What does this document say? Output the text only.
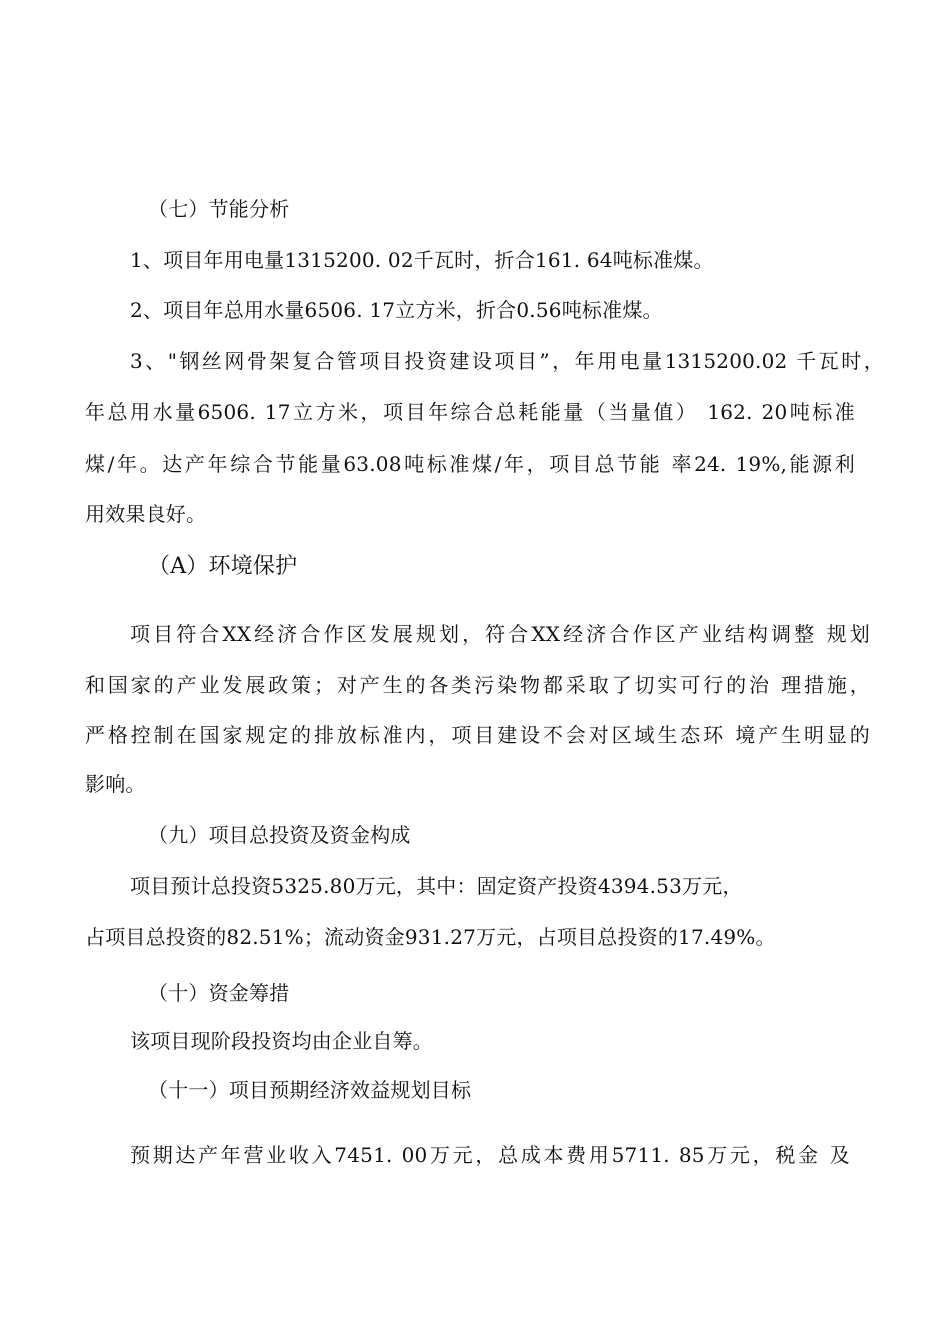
（七）节能分析
1、项目年用电量1315200. 02千瓦时，折合161. 64吨标准煤。
2、项目年总用水量6506. 17立方米，折合0.56吨标准煤。
3、"钢丝网骨架复合管项目投资建设项目”，年用电量1315200.02 千瓦时，
年总用水量6506. 17立方米，项目年综合总耗能量（当量值） 162. 20吨标准
煤/年。达产年综合节能量63.08吨标准煤/年，项目总节能 率24. 19%,能源利
用效果良好。
（A）环境保护
项目符合XX经济合作区发展规划，符合XX经济合作区产业结构调整 规划
和国家的产业发展政策；对产生的各类污染物都采取了切实可行的治 理措施，
严格控制在国家规定的排放标准内，项目建设不会对区域生态环 境产生明显的
影响。
（九）项目总投资及资金构成
项目预计总投资5325.80万元，其中：固定资产投资4394.53万元，
占项目总投资的82.51%；流动资金931.27万元，占项目总投资的17.49%。
（十）资金筹措
该项目现阶段投资均由企业自筹。
（十一）项目预期经济效益规划目标
预期达产年营业收入7451. 00万元，总成本费用5711. 85万元，税金 及
